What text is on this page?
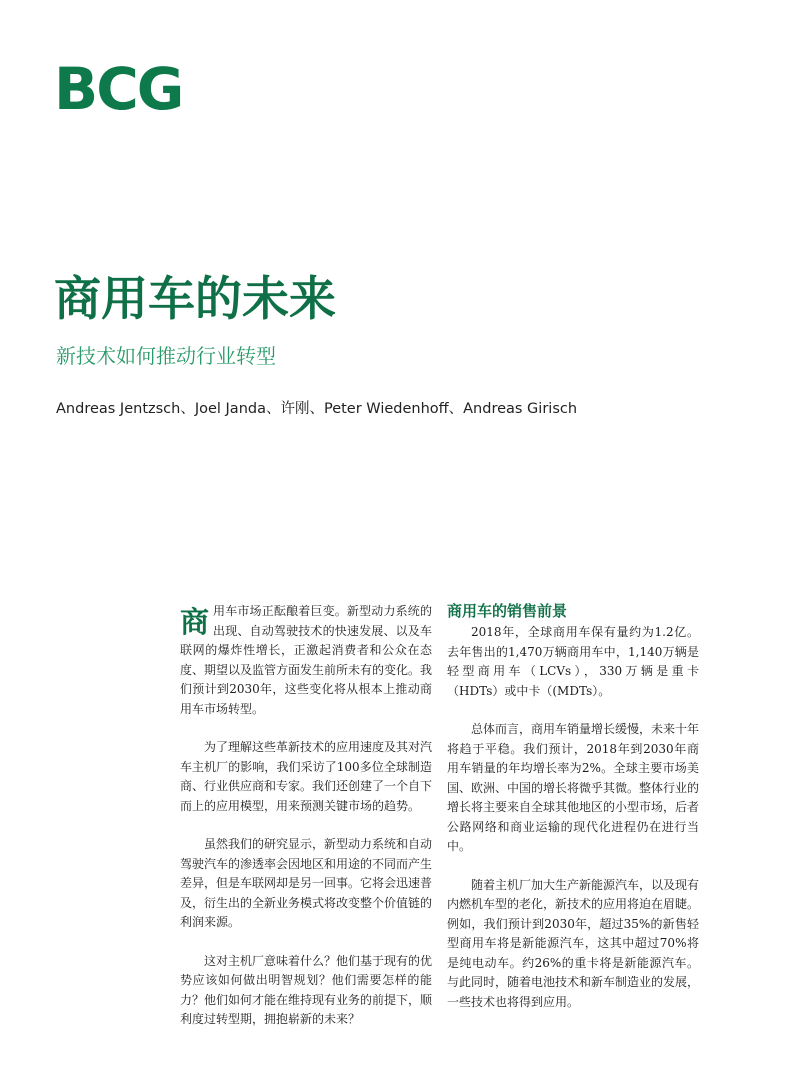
BCG
商用车的未来
新技术如何推动行业转型
Andreas Jentzsch、Joel Janda、许刚、Peter Wiedenhoff、Andreas Girisch

商用车市场正酝酿着巨变。新型动力系统的出现、自动驾驶技术的快速发展、以及车联网的爆炸性增长，正激起消费者和公众在态度、期望以及监管方面发生前所未有的变化。我们预计到2030年，这些变化将从根本上推动商用车市场转型。

为了理解这些革新技术的应用速度及其对汽车主机厂的影响，我们采访了100多位全球制造商、行业供应商和专家。我们还创建了一个自下而上的应用模型，用来预测关键市场的趋势。

虽然我们的研究显示，新型动力系统和自动驾驶汽车的渗透率会因地区和用途的不同而产生差异，但是车联网却是另一回事。它将会迅速普及，衍生出的全新业务模式将改变整个价值链的利润来源。

这对主机厂意味着什么？他们基于现有的优势应该如何做出明智规划？他们需要怎样的能力？他们如何才能在维持现有业务的前提下，顺利度过转型期，拥抱崭新的未来？

商用车的销售前景

2018年，全球商用车保有量约为1.2亿。去年售出的1,470万辆商用车中，1,140万辆是轻型商用车（LCVs），330万辆是重卡（HDTs）或中卡（(MDTs）。

总体而言，商用车销量增长缓慢，未来十年将趋于平稳。我们预计，2018年到2030年商用车销量的年均增长率为2%。全球主要市场美国、欧洲、中国的增长将微乎其微。整体行业的增长将主要来自全球其他地区的小型市场，后者公路网络和商业运输的现代化进程仍在进行当中。

随着主机厂加大生产新能源汽车，以及现有内燃机车型的老化，新技术的应用将迫在眉睫。例如，我们预计到2030年，超过35%的新售轻型商用车将是新能源汽车，这其中超过70%将是纯电动车。约26%的重卡将是新能源汽车。与此同时，随着电池技术和新车制造业的发展，一些技术也将得到应用。
